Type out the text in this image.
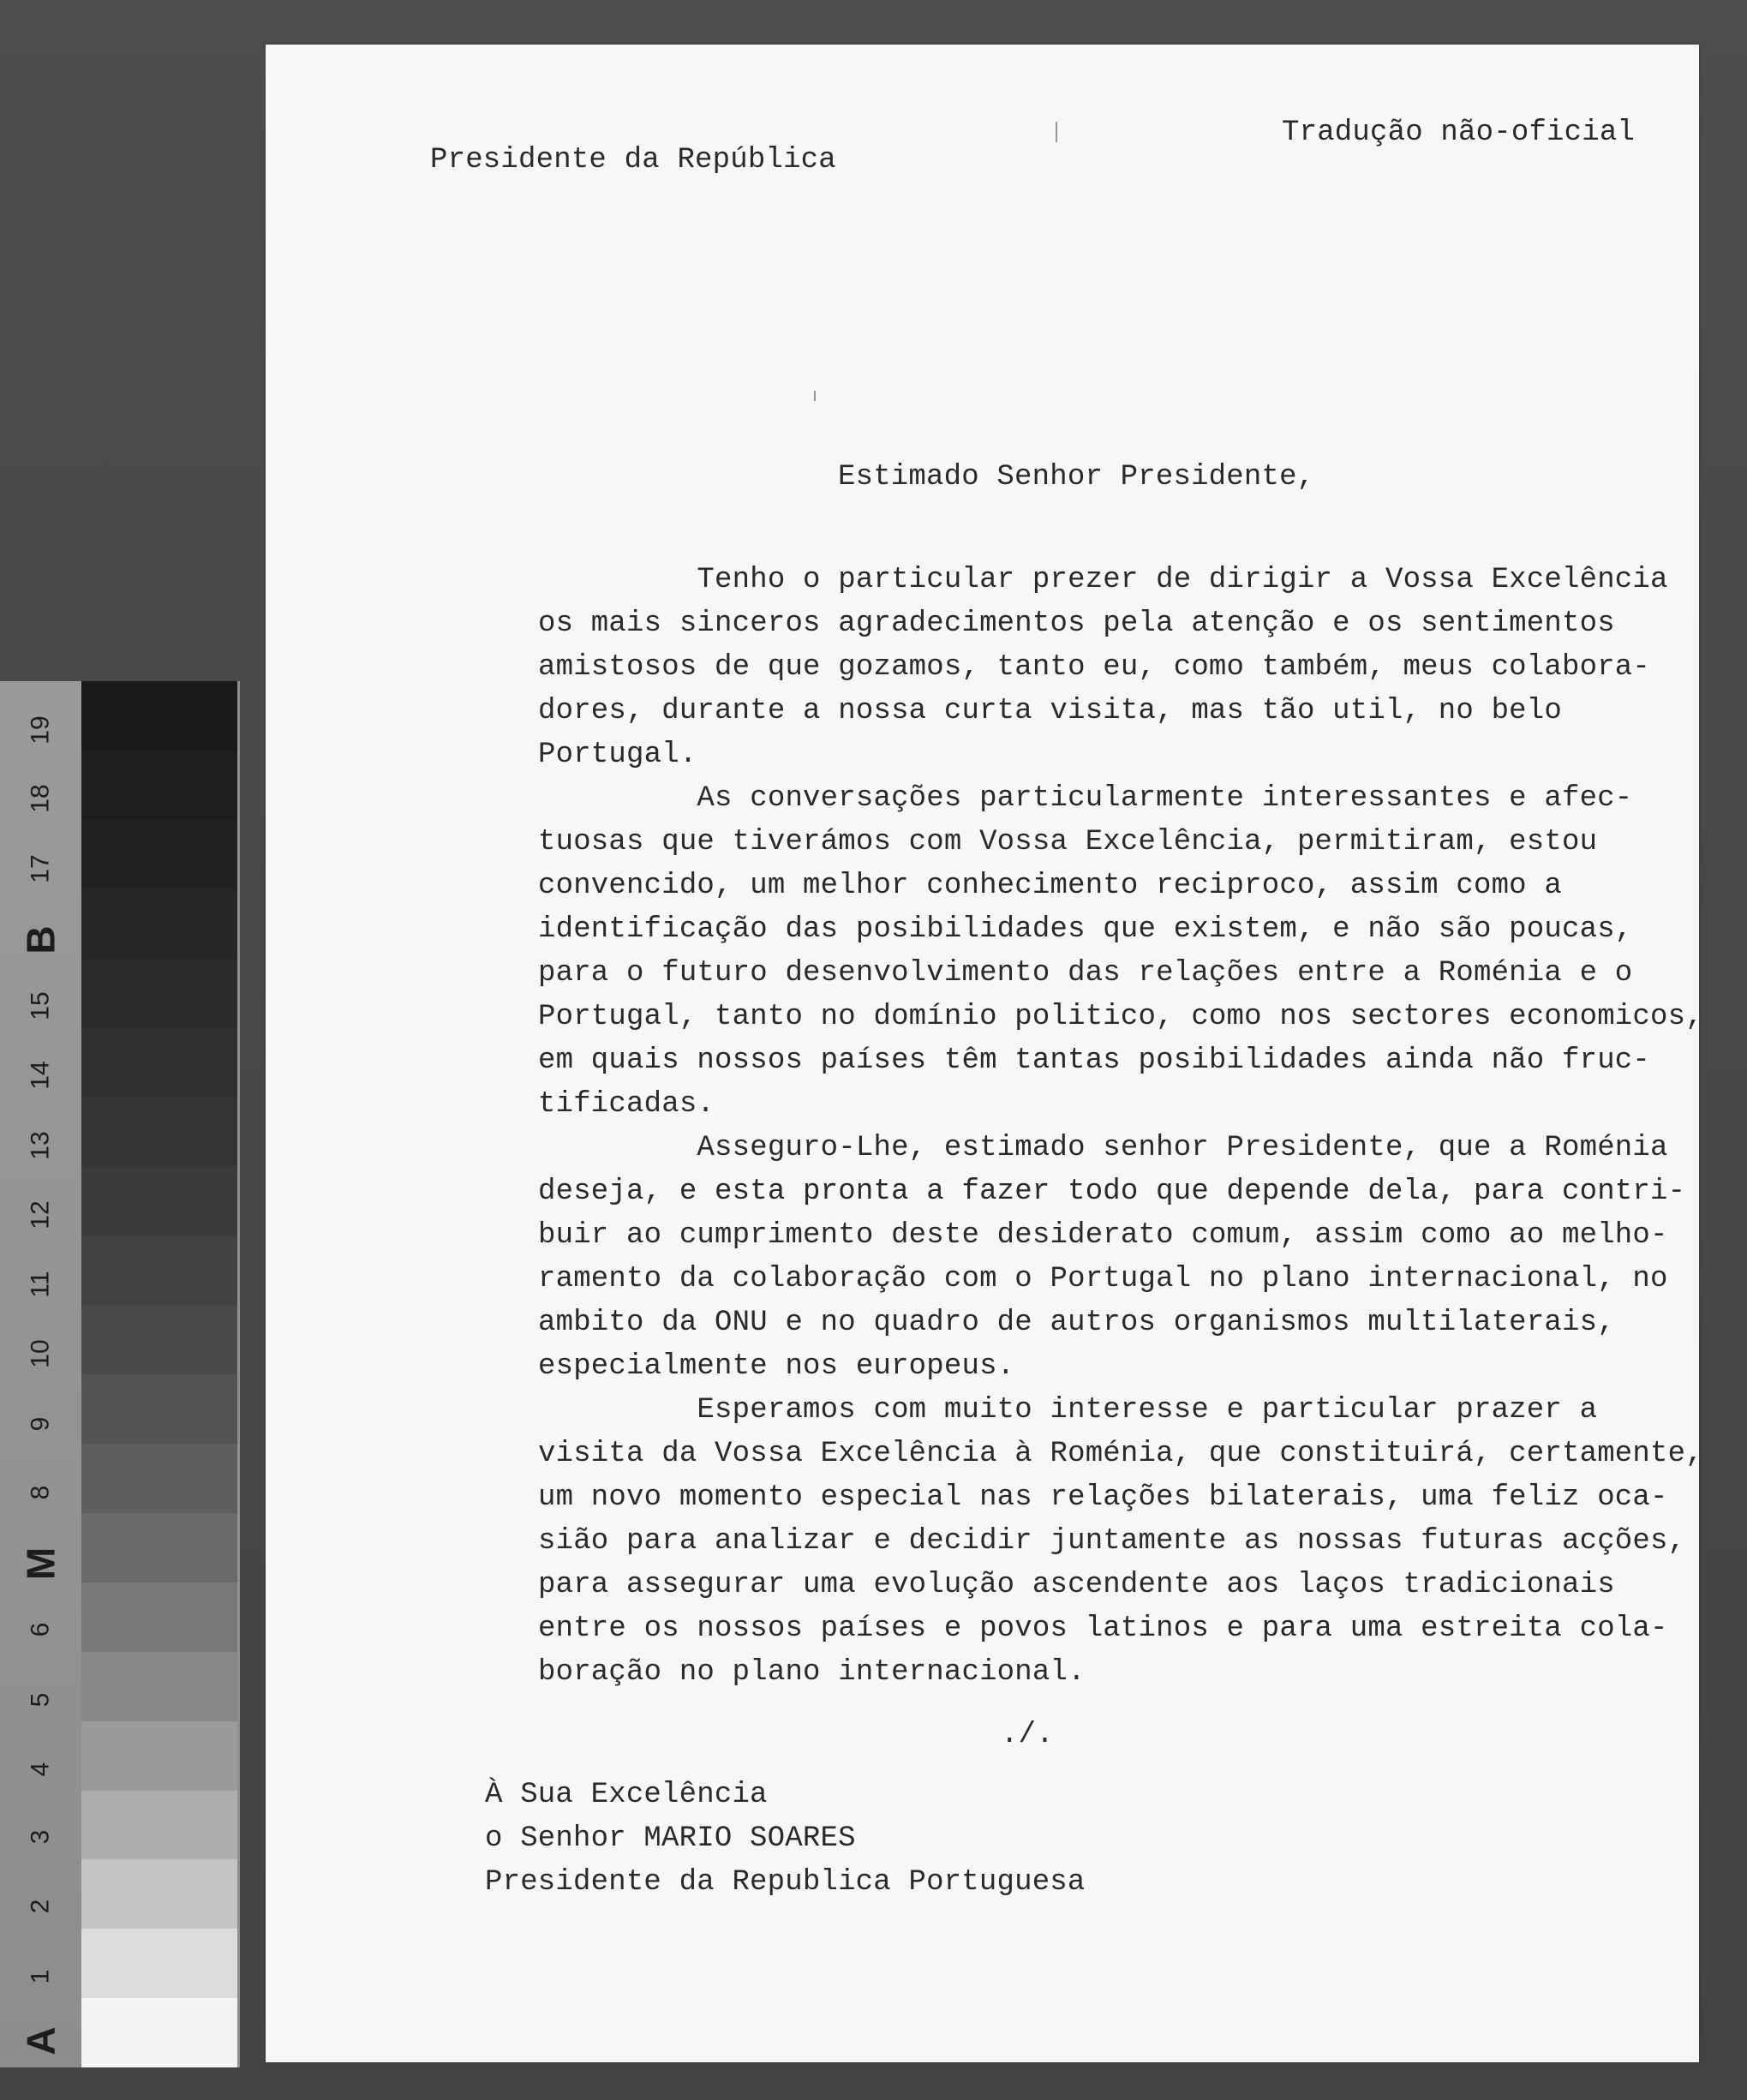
19
18
17
B
15
14
13
12
11
10
9
8
M
6
5
4
3
2
1
A
Presidente da República
Tradução não-oficial
Estimado Senhor Presidente,
Tenho o particular prezer de dirigir a Vossa Excelência
os mais sinceros agradecimentos pela atenção e os sentimentos
amistosos de que gozamos, tanto eu, como também, meus colabora-
dores, durante a nossa curta visita, mas tão util, no belo
Portugal.
As conversações particularmente interessantes e afec-
tuosas que tiverámos com Vossa Excelência, permitiram, estou
convencido, um melhor conhecimento reciproco, assim como a
identificação das posibilidades que existem, e não são poucas,
para o futuro desenvolvimento das relações entre a Roménia e o
Portugal, tanto no domínio politico, como nos sectores economicos,
em quais nossos países têm tantas posibilidades ainda não fruc-
tificadas.
Asseguro-Lhe, estimado senhor Presidente, que a Roménia
deseja, e esta pronta a fazer todo que depende dela, para contri-
buir ao cumprimento deste desiderato comum, assim como ao melho-
ramento da colaboração com o Portugal no plano internacional, no
ambito da ONU e no quadro de autros organismos multilaterais,
especialmente nos europeus.
Esperamos com muito interesse e particular prazer a
visita da Vossa Excelência à Roménia, que constituirá, certamente,
um novo momento especial nas relações bilaterais, uma feliz oca-
sião para analizar e decidir juntamente as nossas futuras acções,
para assegurar uma evolução ascendente aos laços tradicionais
entre os nossos países e povos latinos e para uma estreita cola-
boração no plano internacional.
./.
À Sua Excelência
o Senhor MARIO SOARES
Presidente da Republica Portuguesa
